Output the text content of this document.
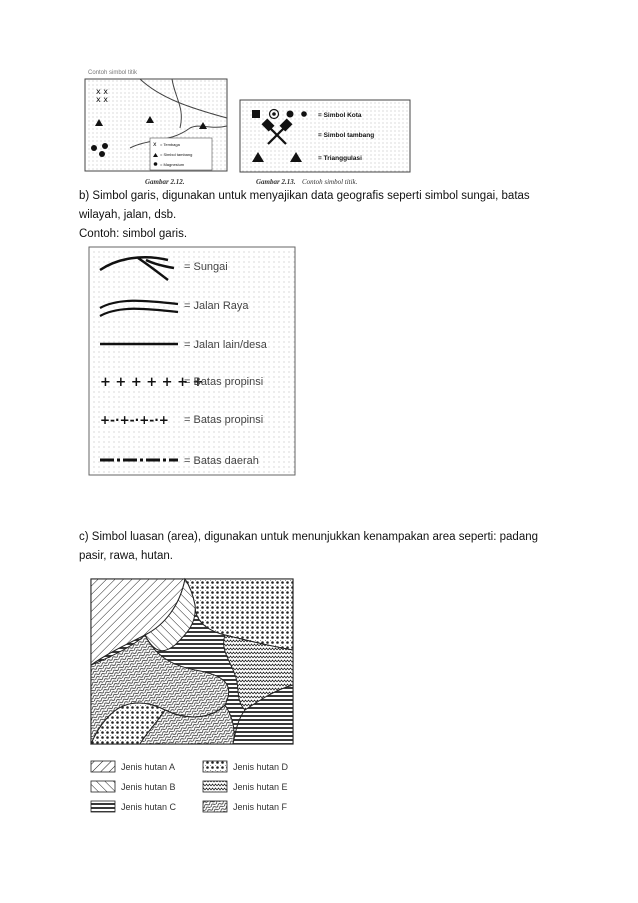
Contoh simbol titik
x x
x x
x = Tembaga
= Simbol tambang
= Magnesium
Gambar 2.12.
= Simbol Kota
= Simbol tambang
= Trianggulasi
Gambar 2.13. Contoh simbol titik.
b) Simbol garis, digunakan untuk menyajikan data geografis seperti simbol sungai, batas
wilayah, jalan, dsb.
Contoh: simbol garis.
= Sungai
= Jalan Raya
= Jalan lain/desa
+ + + + + + +
= Batas propinsi
+-·+-·+-·+ = Batas propinsi
= Batas daerah
c) Simbol luasan (area), digunakan untuk menunjukkan kenampakan area seperti: padang
pasir, rawa, hutan.
Jenis hutan A
Jenis hutan B
Jenis hutan C
Jenis hutan D
Jenis hutan E
Jenis hutan F
